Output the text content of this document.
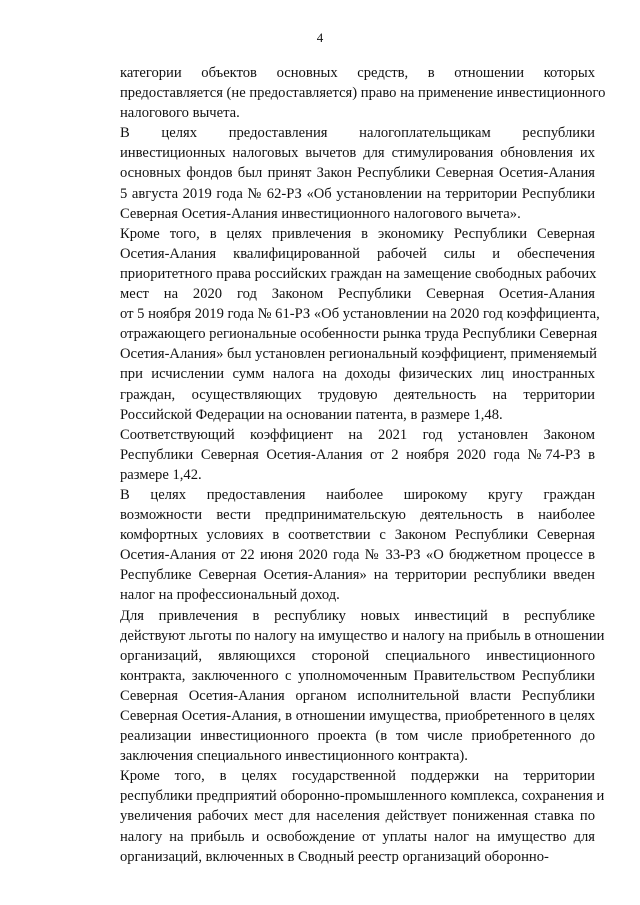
4
категории объектов основных средств, в отношении которых
предоставляется (не предоставляется) право на применение инвестиционного
налогового вычета.
В целях предоставления налогоплательщикам республики
инвестиционных налоговых вычетов для стимулирования обновления их
основных фондов был принят Закон Республики Северная Осетия-Алания
5 августа 2019 года № 62-РЗ «Об установлении на территории Республики
Северная Осетия-Алания инвестиционного налогового вычета».
Кроме того, в целях привлечения в экономику Республики Северная
Осетия-Алания квалифицированной рабочей силы и обеспечения
приоритетного права российских граждан на замещение свободных рабочих
мест на 2020 год Законом Республики Северная Осетия-Алания
от 5 ноября 2019 года № 61-РЗ «Об установлении на 2020 год коэффициента,
отражающего региональные особенности рынка труда Республики Северная
Осетия-Алания» был установлен региональный коэффициент, применяемый
при исчислении сумм налога на доходы физических лиц иностранных
граждан, осуществляющих трудовую деятельность на территории
Российской Федерации на основании патента, в размере 1,48.
Соответствующий коэффициент на 2021 год установлен Законом
Республики Северная Осетия-Алания от 2 ноября 2020 года №74-РЗ в
размере 1,42.
В целях предоставления наиболее широкому кругу граждан
возможности вести предпринимательскую деятельность в наиболее
комфортных условиях в соответствии с Законом Республики Северная
Осетия-Алания от 22 июня 2020 года № 33-РЗ «О бюджетном процессе в
Республике Северная Осетия-Алания» на территории республики введен
налог на профессиональный доход.
Для привлечения в республику новых инвестиций в республике
действуют льготы по налогу на имущество и налогу на прибыль в отношении
организаций, являющихся стороной специального инвестиционного
контракта, заключенного с уполномоченным Правительством Республики
Северная Осетия-Алания органом исполнительной власти Республики
Северная Осетия-Алания, в отношении имущества, приобретенного в целях
реализации инвестиционного проекта (в том числе приобретенного до
заключения специального инвестиционного контракта).
Кроме того, в целях государственной поддержки на территории
республики предприятий оборонно-промышленного комплекса, сохранения и
увеличения рабочих мест для населения действует пониженная ставка по
налогу на прибыль и освобождение от уплаты налог на имущество для
организаций, включенных в Сводный реестр организаций оборонно-
